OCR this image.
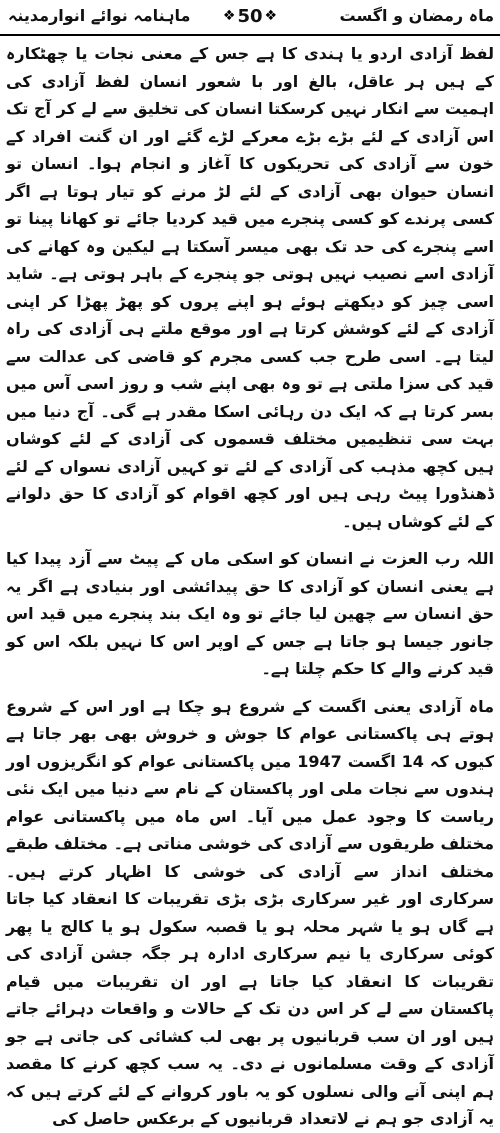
ماہنامہ نوائے انوارمدینہ ❖ 50 ❖	ماہ رمضان و اگست

لفظ آزادی اردو یا ہندی کا ہے جس کے معنی نجات یا چھٹکارہ کے ہیں ہر عاقل، بالغ اور با شعور انسان لفظ آزادی کی اہمیت سے انکار نہیں کرسکتا انسان کی تخلیق سے لے کر آج تک اس آزادی کے لئے بڑے بڑے معرکے لڑے گئے اور ان گنت افراد کے خون سے آزادی کی تحریکوں کا آغاز و انجام ہوا۔ انسان تو انسان حیوان بھی آزادی کے لئے لڑ مرنے کو تیار ہوتا ہے اگر کسی پرندے کو کسی پنجرے میں قید کردیا جائے تو کھانا پینا تو اسے پنجرے کی حد تک بھی میسر آسکتا ہے لیکین وہ کھانے کی آزادی اسے نصیب نہیں ہوتی جو پنجرے کے باہر ہوتی ہے۔ شاید اسی چیز کو دیکھتے ہوئے ہو اپنے پروں کو پھڑ پھڑا کر اپنی آزادی کے لئے کوشش کرتا ہے اور موقع ملتے ہی آزادی کی راہ لیتا ہے۔ اسی طرح جب کسی مجرم کو قاضی کی عدالت سے قید کی سزا ملتی ہے تو وہ بھی اپنے شب و روز اسی آس میں بسر کرتا ہے کہ ایک دن رہائی اسکا مقدر ہے گی۔ آج دنیا میں بہت سی تنظیمیں مختلف قسموں کی آزادی کے لئے کوشاں ہیں کچھ مذہب کی آزادی کے لئے تو کہیں آزادی نسواں کے لئے ڈھنڈورا پیٹ رہی ہیں اور کچھ اقوام کو آزادی کا حق دلوانے کے لئے کوشاں ہیں۔

اللہ رب العزت نے انسان کو اسکی ماں کے پیٹ سے آزد پیدا کیا ہے یعنی انسان کو آزادی کا حق پیدائشی اور بنیادی ہے اگر یہ حق انسان سے چھین لیا جائے تو وہ ایک بند پنجرے میں قید اس جانور جیسا ہو جاتا ہے جس کے اوپر اس کا نہیں بلکہ اس کو قید کرنے والے کا حکم چلتا ہے۔

ماہ آزادی یعنی اگست کے شروع ہو چکا ہے اور اس کے شروع ہوتے ہی پاکستانی عوام کا جوش و خروش بھی بھر جاتا ہے کیوں کہ 14 اگست 1947 میں پاکستانی عوام کو انگریزوں اور ہندوں سے نجات ملی اور پاکستان کے نام سے دنیا میں ایک نئی ریاست کا وجود عمل میں آیا۔ اس ماہ میں پاکستانی عوام مختلف طریقوں سے آزادی کی خوشی مناتی ہے۔ مختلف طبقے مختلف انداز سے آزادی کی خوشی کا اظہار کرتے ہیں۔ سرکاری اور غیر سرکاری بڑی بڑی تقریبات کا انعقاد کیا جاتا ہے گاں ہو یا شہر محلہ ہو یا قصبہ سکول ہو یا کالج یا پھر کوئی سرکاری یا نیم سرکاری ادارہ ہر جگہ جشن آزادی کی تقریبات کا انعقاد کیا جاتا ہے اور ان تقریبات میں قیام پاکستان سے لے کر اس دن تک کے حالات و واقعات دہرائے جاتے ہیں اور ان سب قربانیوں پر بھی لب کشائی کی جاتی ہے جو آزادی کے وقت مسلمانوں نے دی۔ یہ سب کچھ کرنے کا مقصد ہم اپنی آنے والی نسلوں کو یہ باور کروانے کے لئے کرتے ہیں کہ یہ آزادی جو ہم نے لاتعداد قربانیوں کے برعکس حاصل کی
